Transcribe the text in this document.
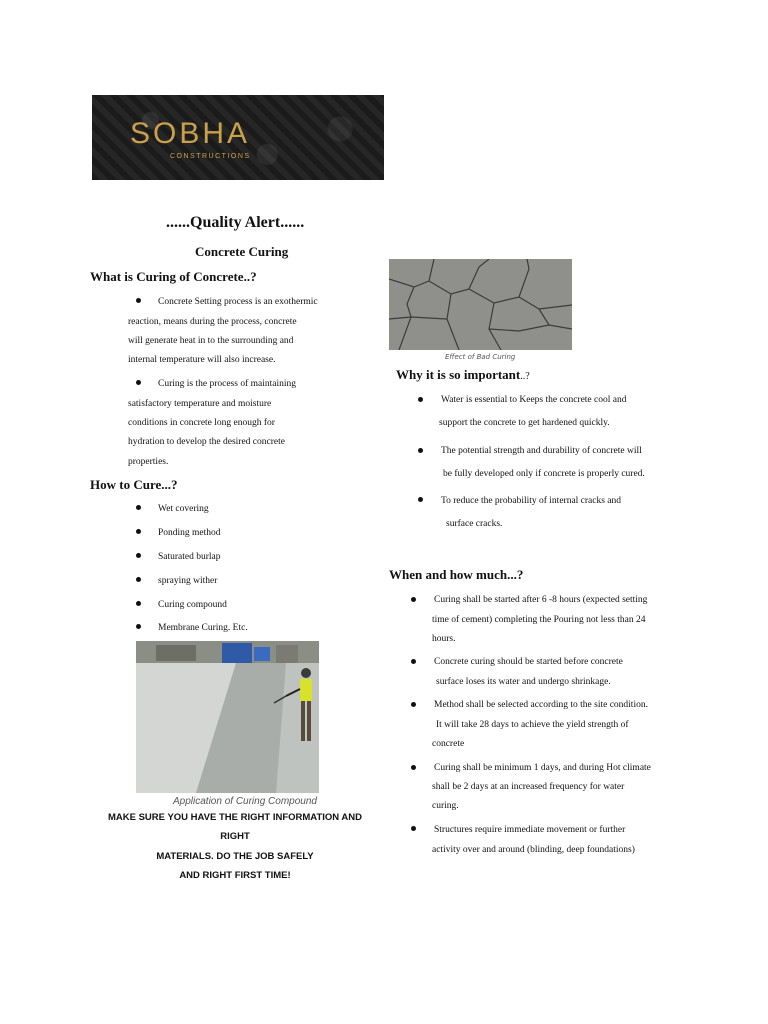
SOBHA
CONSTRUCTIONS
......Quality Alert......
Concrete Curing
What is Curing of Concrete..?
Concrete Setting process is an exothermic
reaction, means during the process, concrete
will generate heat in to the surrounding and
internal temperature will also increase.
Curing is the process of maintaining
satisfactory temperature and moisture
conditions in concrete long enough for
hydration to develop the desired concrete
properties.
How to Cure...?
Wet covering
Ponding method
Saturated burlap
spraying wither
Curing compound
Membrane Curing. Etc.
Application of Curing Compound
MAKE SURE YOU HAVE THE RIGHT INFORMATION AND
RIGHT
MATERIALS. DO THE JOB SAFELY
AND RIGHT FIRST TIME!
Effect of Bad Curing
Why it is so important..?
Water is essential to Keeps the concrete cool and
support the concrete to get hardened quickly.
The potential strength and durability of concrete will
be fully developed only if concrete is properly cured.
To reduce the probability of internal cracks and
surface cracks.
When and how much...?
Curing shall be started after 6 -8 hours (expected setting
time of cement) completing the Pouring not less than 24
hours.
Concrete curing should be started before concrete
surface loses its water and undergo shrinkage.
Method shall be selected according to the site condition.
It will take 28 days to achieve the yield strength of
concrete
Curing shall be minimum 1 days, and during Hot climate
shall be 2 days at an increased frequency for water
curing.
Structures require immediate movement or further
activity over and around (blinding, deep foundations)
